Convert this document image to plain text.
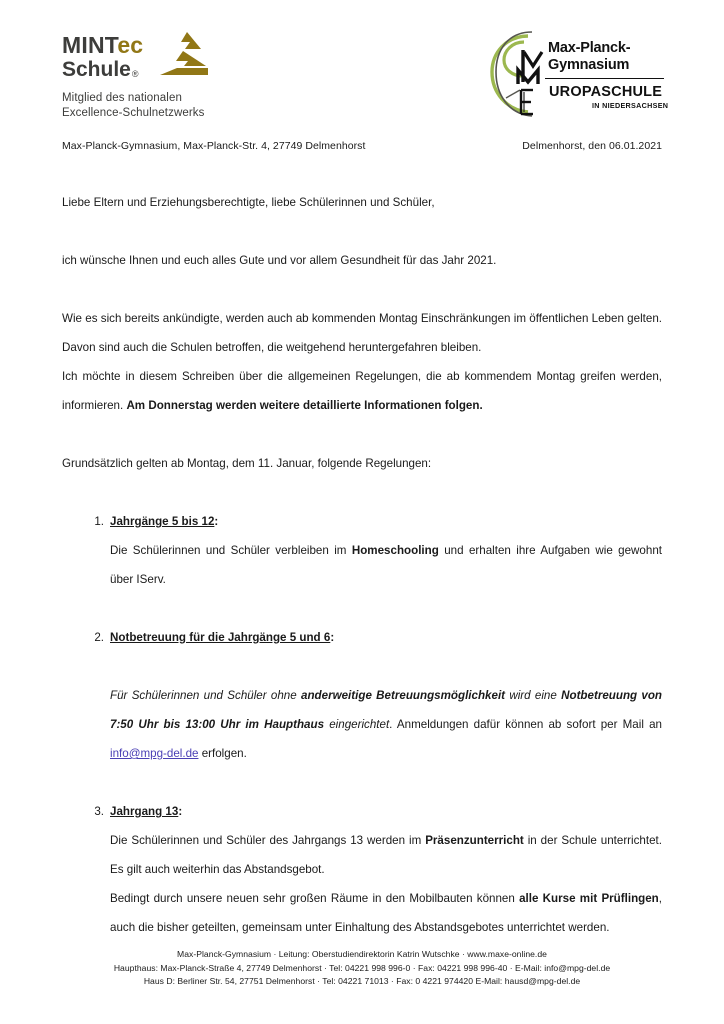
MINTec
Schule®
Mitglied des nationalen
Excellence-Schulnetzwerks
Max-Planck-
Gymnasium
UROPASCHULE
IN NIEDERSACHSEN
Max-Planck-Gymnasium, Max-Planck-Str. 4, 27749 Delmenhorst	Delmenhorst, den 06.01.2021

Liebe Eltern und Erziehungsberechtigte, liebe Schülerinnen und Schüler,

ich wünsche Ihnen und euch alles Gute und vor allem Gesundheit für das Jahr 2021.

Wie es sich bereits ankündigte, werden auch ab kommenden Montag Einschränkungen im öffentlichen Leben gelten. Davon sind auch die Schulen betroffen, die weitgehend heruntergefahren bleiben.

Ich möchte in diesem Schreiben über die allgemeinen Regelungen, die ab kommendem Montag greifen werden, informieren. Am Donnerstag werden weitere detaillierte Informationen folgen.

Grundsätzlich gelten ab Montag, dem 11. Januar, folgende Regelungen:

1. Jahrgänge 5 bis 12:
Die Schülerinnen und Schüler verbleiben im Homeschooling und erhalten ihre Aufgaben wie gewohnt über IServ.
2. Notbetreuung für die Jahrgänge 5 und 6:
Für Schülerinnen und Schüler ohne anderweitige Betreuungsmöglichkeit wird eine Notbetreuung von 7:50 Uhr bis 13:00 Uhr im Haupthaus eingerichtet. Anmeldungen dafür können ab sofort per Mail an info@mpg-del.de erfolgen.
3. Jahrgang 13:
Die Schülerinnen und Schüler des Jahrgangs 13 werden im Präsenzunterricht in der Schule unterrichtet. Es gilt auch weiterhin das Abstandsgebot.
Bedingt durch unsere neuen sehr großen Räume in den Mobilbauten können alle Kurse mit Prüflingen, auch die bisher geteilten, gemeinsam unter Einhaltung des Abstandsgebotes unterrichtet werden.
Max-Planck-Gymnasium · Leitung: Oberstudiendirektorin Katrin Wutschke · www.maxe-online.de
Haupthaus: Max-Planck-Straße 4, 27749 Delmenhorst · Tel: 04221 998 996-0 · Fax: 04221 998 996-40 · E-Mail: info@mpg-del.de
Haus D: Berliner Str. 54, 27751 Delmenhorst · Tel: 04221 71013 · Fax: 0 4221 974420 E-Mail: hausd@mpg-del.de
